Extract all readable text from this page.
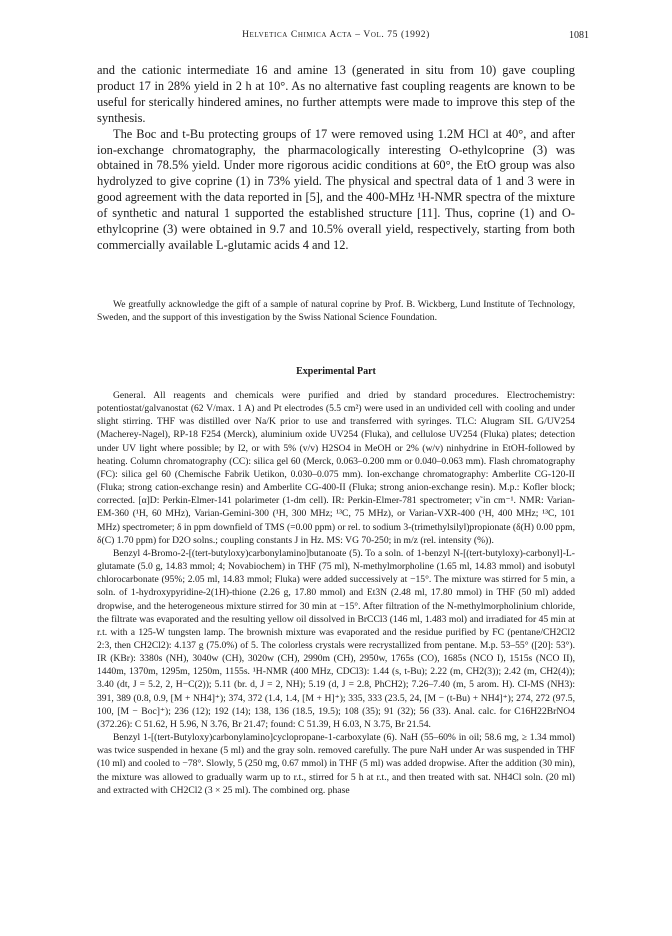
Helvetica Chimica Acta – Vol. 75 (1992)	1081

and the cationic intermediate 16 and amine 13 (generated in situ from 10) gave coupling product 17 in 28% yield in 2 h at 10°. As no alternative fast coupling reagents are known to be useful for sterically hindered amines, no further attempts were made to improve this step of the synthesis.

The Boc and t-Bu protecting groups of 17 were removed using 1.2M HCl at 40°, and after ion-exchange chromatography, the pharmacologically interesting O-ethylcoprine (3) was obtained in 78.5% yield. Under more rigorous acidic conditions at 60°, the EtO group was also hydrolyzed to give coprine (1) in 73% yield. The physical and spectral data of 1 and 3 were in good agreement with the data reported in [5], and the 400-MHz ¹H-NMR spectra of the mixture of synthetic and natural 1 supported the established structure [11]. Thus, coprine (1) and O-ethylcoprine (3) were obtained in 9.7 and 10.5% overall yield, respectively, starting from both commercially available L-glutamic acids 4 and 12.

We greatfully acknowledge the gift of a sample of natural coprine by Prof. B. Wickberg, Lund Institute of Technology, Sweden, and the support of this investigation by the Swiss National Science Foundation.

Experimental Part

General. All reagents and chemicals were purified and dried by standard procedures. Electrochemistry: potentiostat/galvanostat (62 V/max. 1 A) and Pt electrodes (5.5 cm²) were used in an undivided cell with cooling and under slight stirring. THF was distilled over Na/K prior to use and transferred with syringes. TLC: Alugram SIL G/UV254 (Macherey-Nagel), RP-18 F254 (Merck), aluminium oxide UV254 (Fluka), and cellulose UV254 (Fluka) plates; detection under UV light where possible; by I2, or with 5% (v/v) H2SO4 in MeOH or 2% (w/v) ninhydrine in EtOH-followed by heating. Column chromatography (CC): silica gel 60 (Merck, 0.063–0.200 mm or 0.040–0.063 mm). Flash chromatography (FC): silica gel 60 (Chemische Fabrik Uetikon, 0.030–0.075 mm). Ion-exchange chromatography: Amberlite CG-120-II (Fluka; strong cation-exchange resin) and Amberlite CG-400-II (Fluka; strong anion-exchange resin). M.p.: Kofler block; corrected. [α]D: Perkin-Elmer-141 polarimeter (1-dm cell). IR: Perkin-Elmer-781 spectrometer; ν̃ in cm⁻¹. NMR: Varian-EM-360 (¹H, 60 MHz), Varian-Gemini-300 (¹H, 300 MHz; ¹³C, 75 MHz), or Varian-VXR-400 (¹H, 400 MHz; ¹³C, 101 MHz) spectrometer; δ in ppm downfield of TMS (=0.00 ppm) or rel. to sodium 3-(trimethylsilyl)propionate (δ(H) 0.00 ppm, δ(C) 1.70 ppm) for D2O solns.; coupling constants J in Hz. MS: VG 70-250; in m/z (rel. intensity (%)).

Benzyl 4-Bromo-2-[(tert-butyloxy)carbonylamino]butanoate (5). To a soln. of 1-benzyl N-[(tert-butyloxy)-carbonyl]-L-glutamate (5.0 g, 14.83 mmol; 4; Novabiochem) in THF (75 ml), N-methylmorpholine (1.65 ml, 14.83 mmol) and isobutyl chlorocarbonate (95%; 2.05 ml, 14.83 mmol; Fluka) were added successively at −15°. The mixture was stirred for 5 min, a soln. of 1-hydroxypyridine-2(1H)-thione (2.26 g, 17.80 mmol) and Et3N (2.48 ml, 17.80 mmol) in THF (50 ml) added dropwise, and the heterogeneous mixture stirred for 30 min at −15°. After filtration of the N-methylmorpholinium chloride, the filtrate was evaporated and the resulting yellow oil dissolved in BrCCl3 (146 ml, 1.483 mol) and irradiated for 45 min at r.t. with a 125-W tungsten lamp. The brownish mixture was evaporated and the residue purified by FC (pentane/CH2Cl2 2:3, then CH2Cl2): 4.137 g (75.0%) of 5. The colorless crystals were recrystallized from pentane. M.p. 53–55° ([20]: 53°). IR (KBr): 3380s (NH), 3040w (CH), 3020w (CH), 2990m (CH), 2950w, 1765s (CO), 1685s (NCO I), 1515s (NCO II), 1440m, 1370m, 1295m, 1250m, 1155s. ¹H-NMR (400 MHz, CDCl3): 1.44 (s, t-Bu); 2.22 (m, CH2(3)); 2.42 (m, CH2(4)); 3.40 (dt, J = 5.2, 2, H−C(2)); 5.11 (br. d, J = 2, NH); 5.19 (d, J = 2.8, PhCH2); 7.26–7.40 (m, 5 arom. H). CI-MS (NH3): 391, 389 (0.8, 0.9, [M + NH4]⁺); 374, 372 (1.4, 1.4, [M + H]⁺); 335, 333 (23.5, 24, [M − (t-Bu) + NH4]⁺); 274, 272 (97.5, 100, [M − Boc]⁺); 236 (12); 192 (14); 138, 136 (18.5, 19.5); 108 (35); 91 (32); 56 (33). Anal. calc. for C16H22BrNO4 (372.26): C 51.62, H 5.96, N 3.76, Br 21.47; found: C 51.39, H 6.03, N 3.75, Br 21.54.

Benzyl 1-[(tert-Butyloxy)carbonylamino]cyclopropane-1-carboxylate (6). NaH (55–60% in oil; 58.6 mg, ≥ 1.34 mmol) was twice suspended in hexane (5 ml) and the gray soln. removed carefully. The pure NaH under Ar was suspended in THF (10 ml) and cooled to −78°. Slowly, 5 (250 mg, 0.67 mmol) in THF (5 ml) was added dropwise. After the addition (30 min), the mixture was allowed to gradually warm up to r.t., stirred for 5 h at r.t., and then treated with sat. NH4Cl soln. (20 ml) and extracted with CH2Cl2 (3 × 25 ml). The combined org. phase
